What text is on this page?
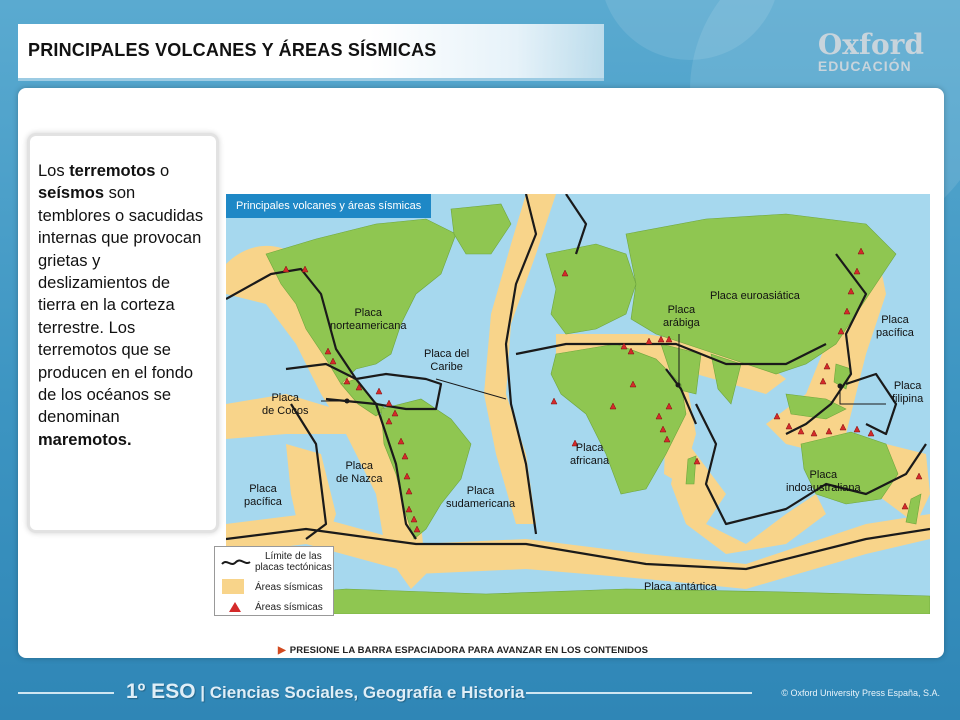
PRINCIPALES VOLCANES Y ÁREAS SÍSMICAS	Oxford
EDUCACIÓN
Los terremotos o seísmos son temblores o sacudidas internas que provocan grietas y deslizamientos de tierra en la corteza terrestre. Los terremotos que se producen en el fondo de los océanos se denominan maremotos.
Principales volcanes y áreas sísmicas
Placa
norteamericana
Placa del
Caribe
Placa
de Cocos
Placa
de Nazca
Placa
pacífica
Placa
sudamericana
Placa
africana
Placa
arábiga
Placa euroasiática
Placa
pacífica
Placa
filipina
Placa
indoaustraliana
Placa antártica
Límite de las
placas tectónicas
Áreas sísmicas
Áreas sísmicas
▶ PRESIONE LA BARRA ESPACIADORA PARA AVANZAR EN LOS CONTENIDOS
1º ESO | Ciencias Sociales, Geografía e Historia	© Oxford University Press España, S.A.
